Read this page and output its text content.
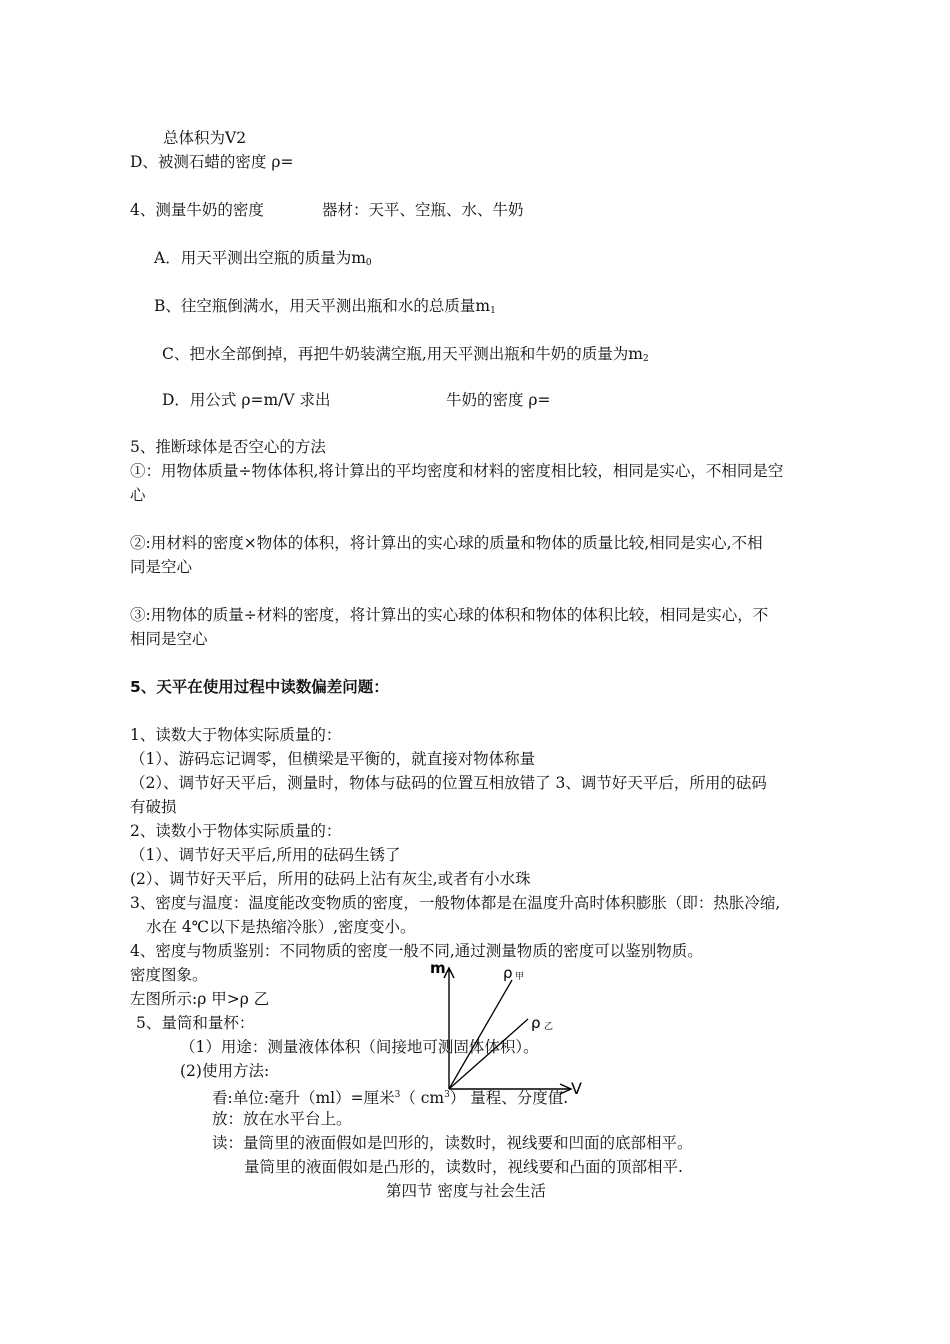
总体积为V2
D、被测石蜡的密度 ρ=
4、测量牛奶的密度	器材：天平、空瓶、水、牛奶
A．用天平测出空瓶的质量为$m_0$
B、往空瓶倒满水，用天平测出瓶和水的总质量$m_1$
C、把水全部倒掉，再把牛奶装满空瓶,用天平测出瓶和牛奶的质量为$m_2$
D．用公式 ρ=m/V 求出	牛奶的密度 ρ=
5、推断球体是否空心的方法
①：用物体质量÷物体体积,将计算出的平均密度和材料的密度相比较，相同是实心，不相同是空
心
②:用材料的密度×物体的体积，将计算出的实心球的质量和物体的质量比较,相同是实心,不相
同是空心
③:用物体的质量÷材料的密度，将计算出的实心球的体积和物体的体积比较，相同是实心，不
相同是空心
5、天平在使用过程中读数偏差问题：
1、读数大于物体实际质量的：
（1）、游码忘记调零，但横梁是平衡的，就直接对物体称量
（2）、调节好天平后，测量时，物体与砝码的位置互相放错了 3、调节好天平后，所用的砝码
有破损
2、读数小于物体实际质量的：
（1）、调节好天平后,所用的砝码生锈了
(2）、调节好天平后，所用的砝码上沾有灰尘,或者有小水珠
3、密度与温度：温度能改变物质的密度，一般物体都是在温度升高时体积膨胀（即：热胀冷缩,
水在 4℃以下是热缩冷胀）,密度变小。
4、密度与物质鉴别：不同物质的密度一般不同,通过测量物质的密度可以鉴别物质。
密度图象。
左图所示:ρ 甲>ρ 乙
5、量筒和量杯：
（1）用途：测量液体体积（间接地可测固体体积）。
(2)使用方法:
看:单位:毫升（ml）=厘米$^3$（ $cm^3$） 量程、分度值.
放：放在水平台上。
读：量筒里的液面假如是凹形的，读数时，视线要和凹面的底部相平。
量筒里的液面假如是凸形的，读数时，视线要和凸面的顶部相平.
第四节 密度与社会生活
m
V
ρ 甲
ρ 乙
